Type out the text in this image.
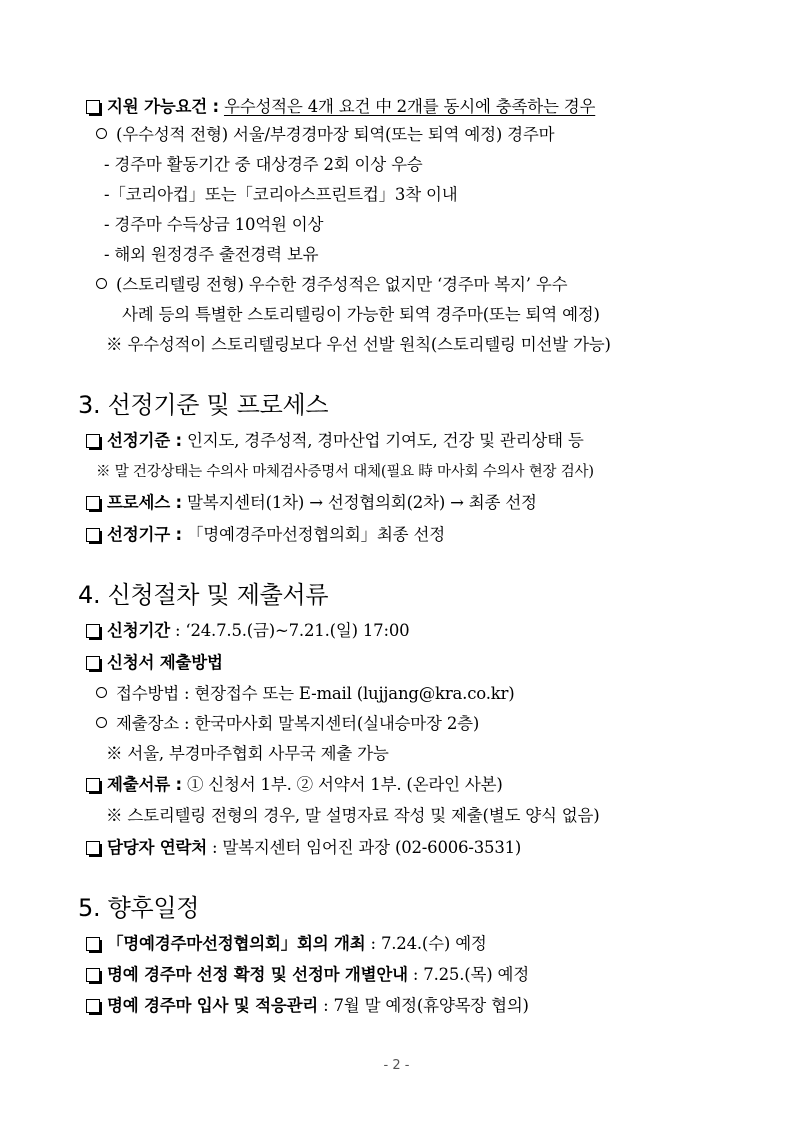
지원 가능요건 : 우수성적은 4개 요건 中 2개를 동시에 충족하는 경우
(우수성적 전형) 서울/부경경마장 퇴역(또는 퇴역 예정) 경주마
- 경주마 활동기간 중 대상경주 2회 이상 우승
-「코리아컵」또는「코리아스프린트컵」3착 이내
- 경주마 수득상금 10억원 이상
- 해외 원정경주 출전경력 보유
(스토리텔링 전형) 우수한 경주성적은 없지만 ‘경주마 복지’ 우수
사례 등의 특별한 스토리텔링이 가능한 퇴역 경주마(또는 퇴역 예정)
※ 우수성적이 스토리텔링보다 우선 선발 원칙(스토리텔링 미선발 가능)
3. 선정기준 및 프로세스
선정기준 : 인지도, 경주성적, 경마산업 기여도, 건강 및 관리상태 등
※ 말 건강상태는 수의사 마체검사증명서 대체(필요 時 마사회 수의사 현장 검사)
프로세스 : 말복지센터(1차) → 선정협의회(2차) → 최종 선정
선정기구 : 「명예경주마선정협의회」최종 선정
4. 신청절차 및 제출서류
신청기간 : ‘24.7.5.(금)~7.21.(일) 17:00
신청서 제출방법
접수방법 : 현장접수 또는 E-mail (lujjang@kra.co.kr)
제출장소 : 한국마사회 말복지센터(실내승마장 2층)
※ 서울, 부경마주협회 사무국 제출 가능
제출서류 : ① 신청서 1부. ② 서약서 1부. (온라인 사본)
※ 스토리텔링 전형의 경우, 말 설명자료 작성 및 제출(별도 양식 없음)
담당자 연락처 : 말복지센터 임어진 과장 (02-6006-3531)
5. 향후일정
「명예경주마선정협의회」회의 개최 : 7.24.(수) 예정
명예 경주마 선정 확정 및 선정마 개별안내 : 7.25.(목) 예정
명예 경주마 입사 및 적응관리 : 7월 말 예정(휴양목장 협의)
- 2 -
